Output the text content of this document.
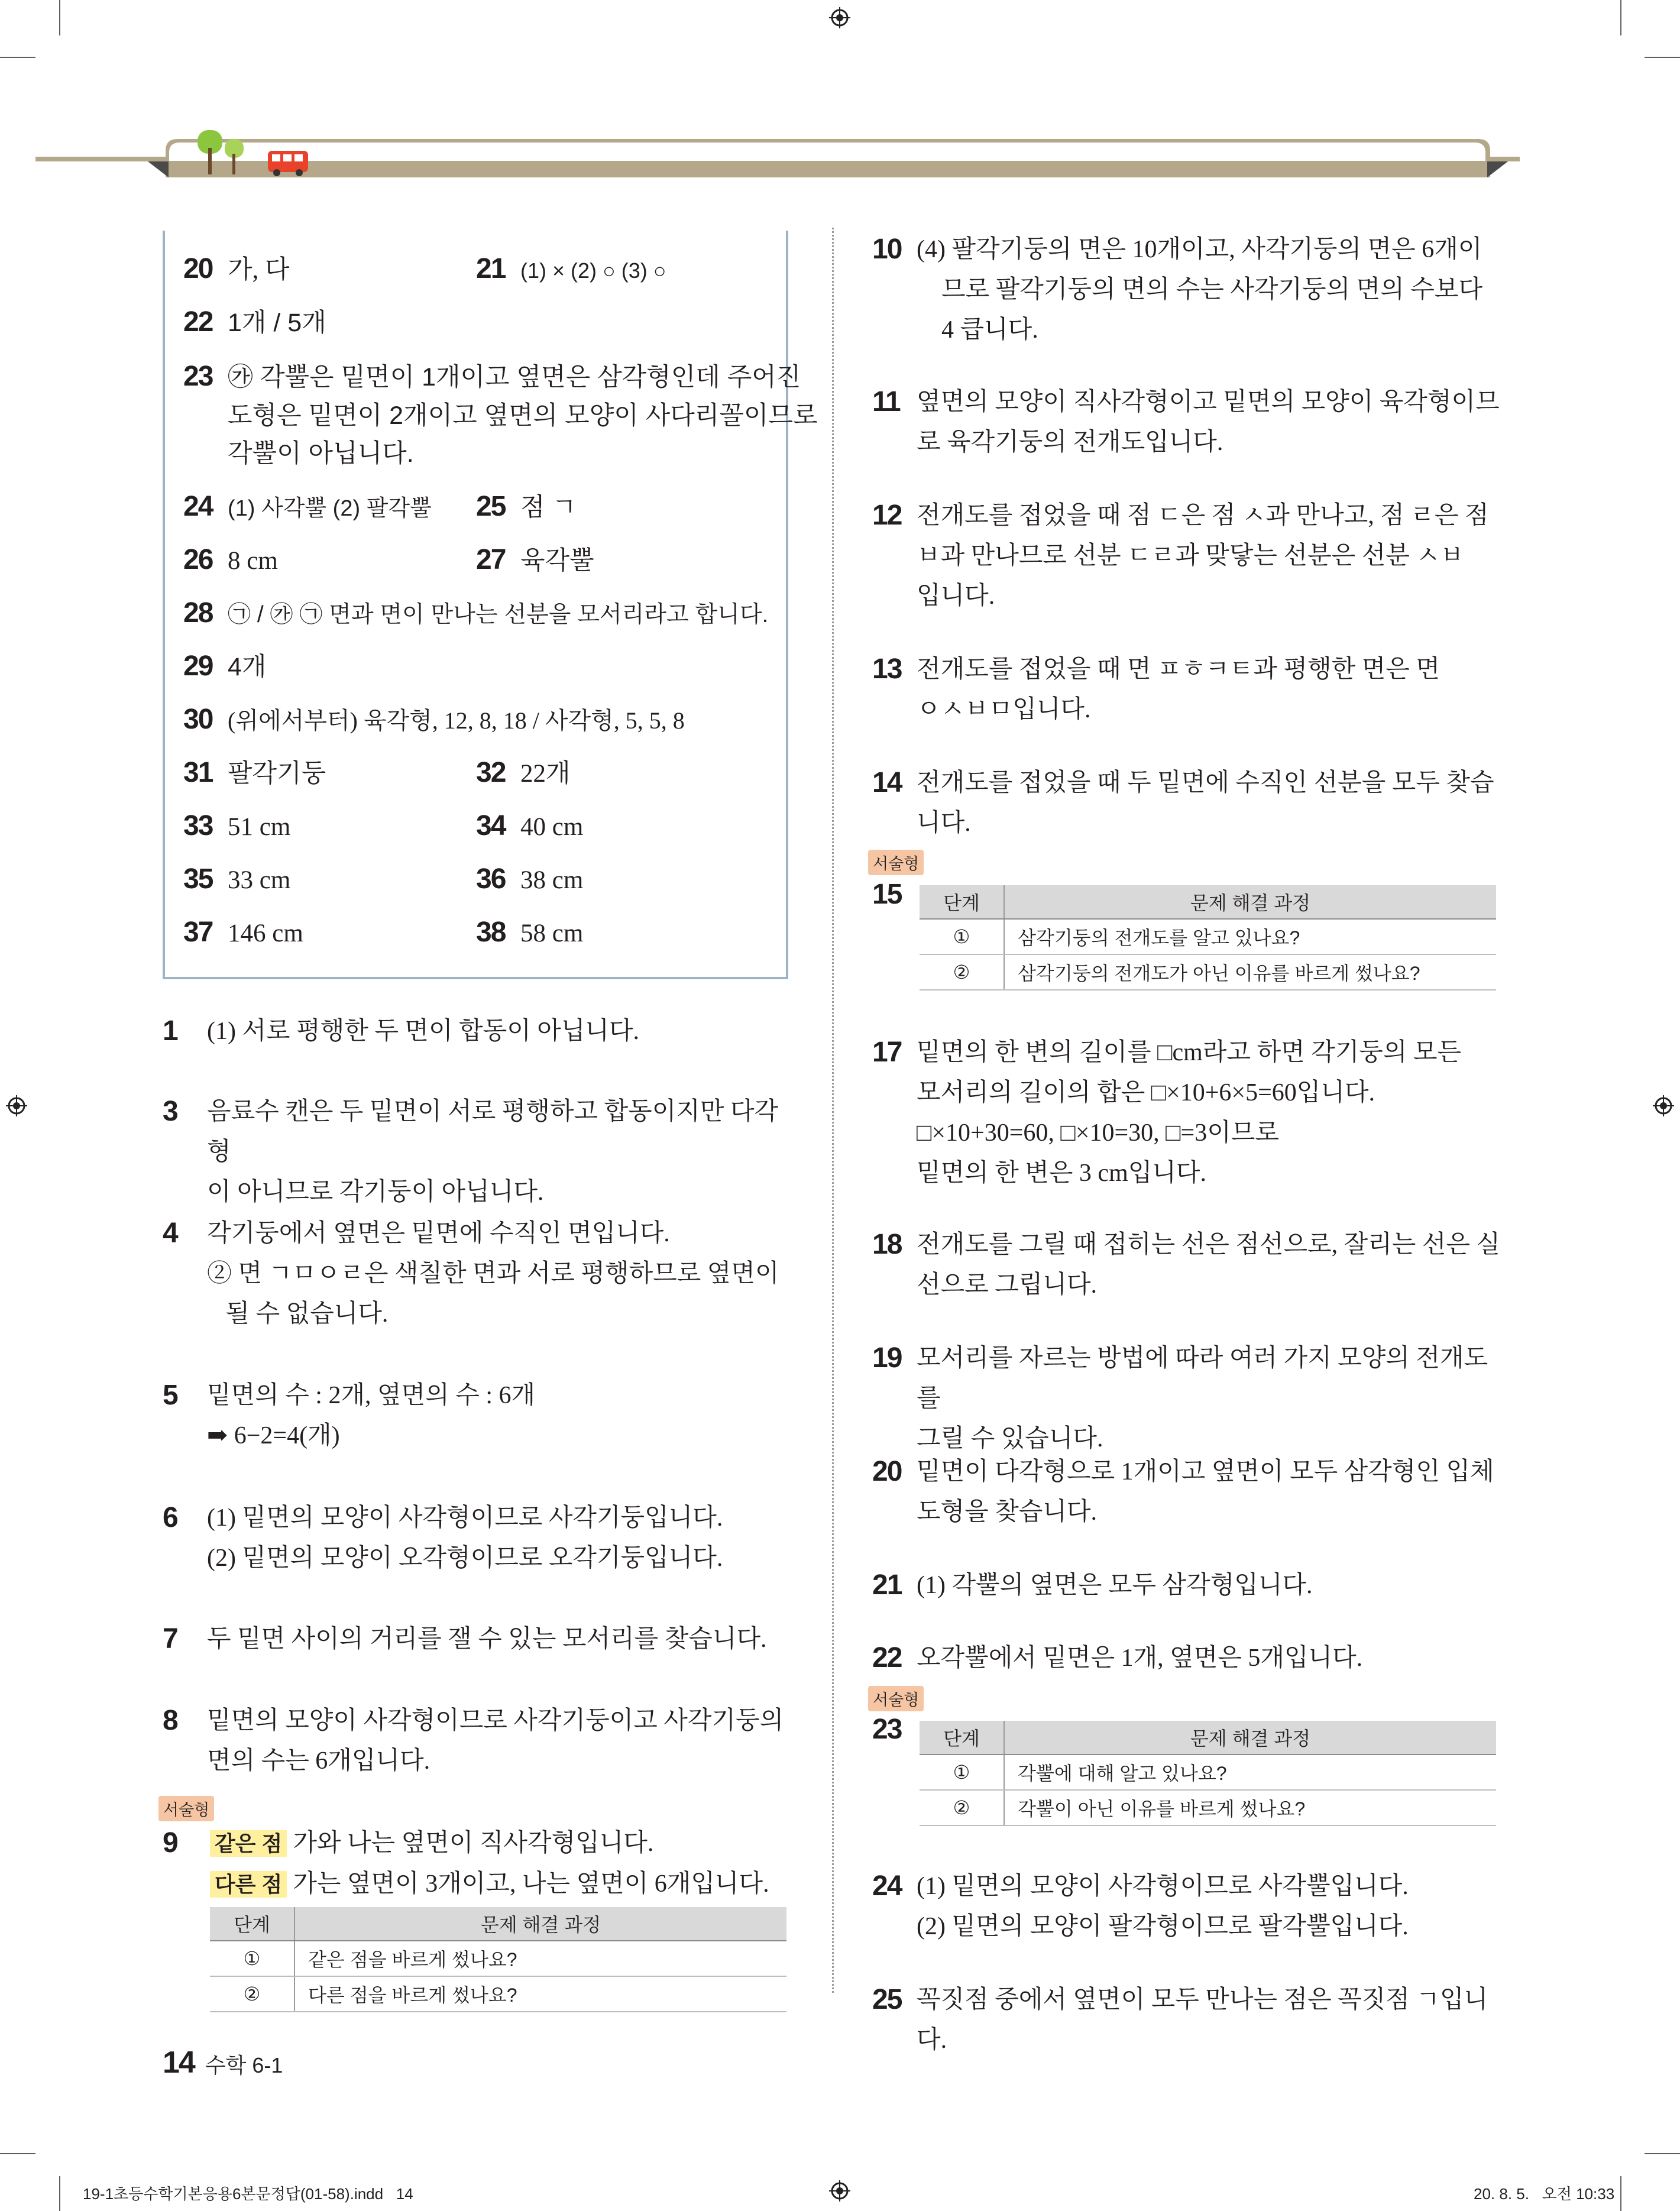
20 가, 다	21 (1) × (2) ○ (3) ○
22 1개 / 5개
23 ㉮ 각뿔은 밑면이 1개이고 옆면은 삼각형인데 주어진
도형은 밑면이 2개이고 옆면의 모양이 사다리꼴이므로
각뿔이 아닙니다.
24 (1) 사각뿔 (2) 팔각뿔 25 점 ㄱ
26 8 cm	27 육각뿔
28 ㉠ / ㉮ ㉠ 면과 면이 만나는 선분을 모서리라고 합니다.
29 4개
30 (위에서부터) 육각형, 12, 8, 18 / 사각형, 5, 5, 8
31 팔각기둥	32 22개
33 51 cm	34 40 cm
35 33 cm	36 38 cm
37 146 cm	38 58 cm
1 (1) 서로 평행한 두 면이 합동이 아닙니다.
3 음료수 캔은 두 밑면이 서로 평행하고 합동이지만 다각형
이 아니므로 각기둥이 아닙니다.
4 각기둥에서 옆면은 밑면에 수직인 면입니다.
② 면 ㄱㅁㅇㄹ은 색칠한 면과 서로 평행하므로 옆면이
될 수 없습니다.
5 밑면의 수 : 2개, 옆면의 수 : 6개
➡ 6−2=4(개)
6 (1) 밑면의 모양이 사각형이므로 사각기둥입니다.
(2) 밑면의 모양이 오각형이므로 오각기둥입니다.
7 두 밑면 사이의 거리를 잴 수 있는 모서리를 찾습니다.
8 밑면의 모양이 사각형이므로 사각기둥이고 사각기둥의
면의 수는 6개입니다.
서술형
9 같은 점 가와 나는 옆면이 직사각형입니다.
다른 점 가는 옆면이 3개이고, 나는 옆면이 6개입니다.
단계	문제 해결 과정
①	같은 점을 바르게 썼나요?
②	다른 점을 바르게 썼나요?
10 (4) 팔각기둥의 면은 10개이고, 사각기둥의 면은 6개이
므로 팔각기둥의 면의 수는 사각기둥의 면의 수보다
4 큽니다.
11 옆면의 모양이 직사각형이고 밑면의 모양이 육각형이므
로 육각기둥의 전개도입니다.
12 전개도를 접었을 때 점 ㄷ은 점 ㅅ과 만나고, 점 ㄹ은 점
ㅂ과 만나므로 선분 ㄷㄹ과 맞닿는 선분은 선분 ㅅㅂ
입니다.
13 전개도를 접었을 때 면 ㅍㅎㅋㅌ과 평행한 면은 면
ㅇㅅㅂㅁ입니다.
14 전개도를 접었을 때 두 밑면에 수직인 선분을 모두 찾습
니다.
서술형
15 단계	문제 해결 과정
①	삼각기둥의 전개도를 알고 있나요?
②	삼각기둥의 전개도가 아닌 이유를 바르게 썼나요?
17 밑면의 한 변의 길이를 □cm라고 하면 각기둥의 모든
모서리의 길이의 합은 □×10+6×5=60입니다.
□×10+30=60, □×10=30, □=3이므로
밑면의 한 변은 3 cm입니다.
18 전개도를 그릴 때 접히는 선은 점선으로, 잘리는 선은 실
선으로 그립니다.
19 모서리를 자르는 방법에 따라 여러 가지 모양의 전개도를
그릴 수 있습니다.
20 밑면이 다각형으로 1개이고 옆면이 모두 삼각형인 입체
도형을 찾습니다.
21 (1) 각뿔의 옆면은 모두 삼각형입니다.
22 오각뿔에서 밑면은 1개, 옆면은 5개입니다.
서술형
23 단계	문제 해결 과정
①	각뿔에 대해 알고 있나요?
②	각뿔이 아닌 이유를 바르게 썼나요?
24 (1) 밑면의 모양이 사각형이므로 사각뿔입니다.
(2) 밑면의 모양이 팔각형이므로 팔각뿔입니다.
25 꼭짓점 중에서 옆면이 모두 만나는 점은 꼭짓점 ㄱ입니다.
14 수학 6-1
19-1초등수학기본응용6본문정답(01-58).indd   14	20. 8. 5.   오전 10:33
